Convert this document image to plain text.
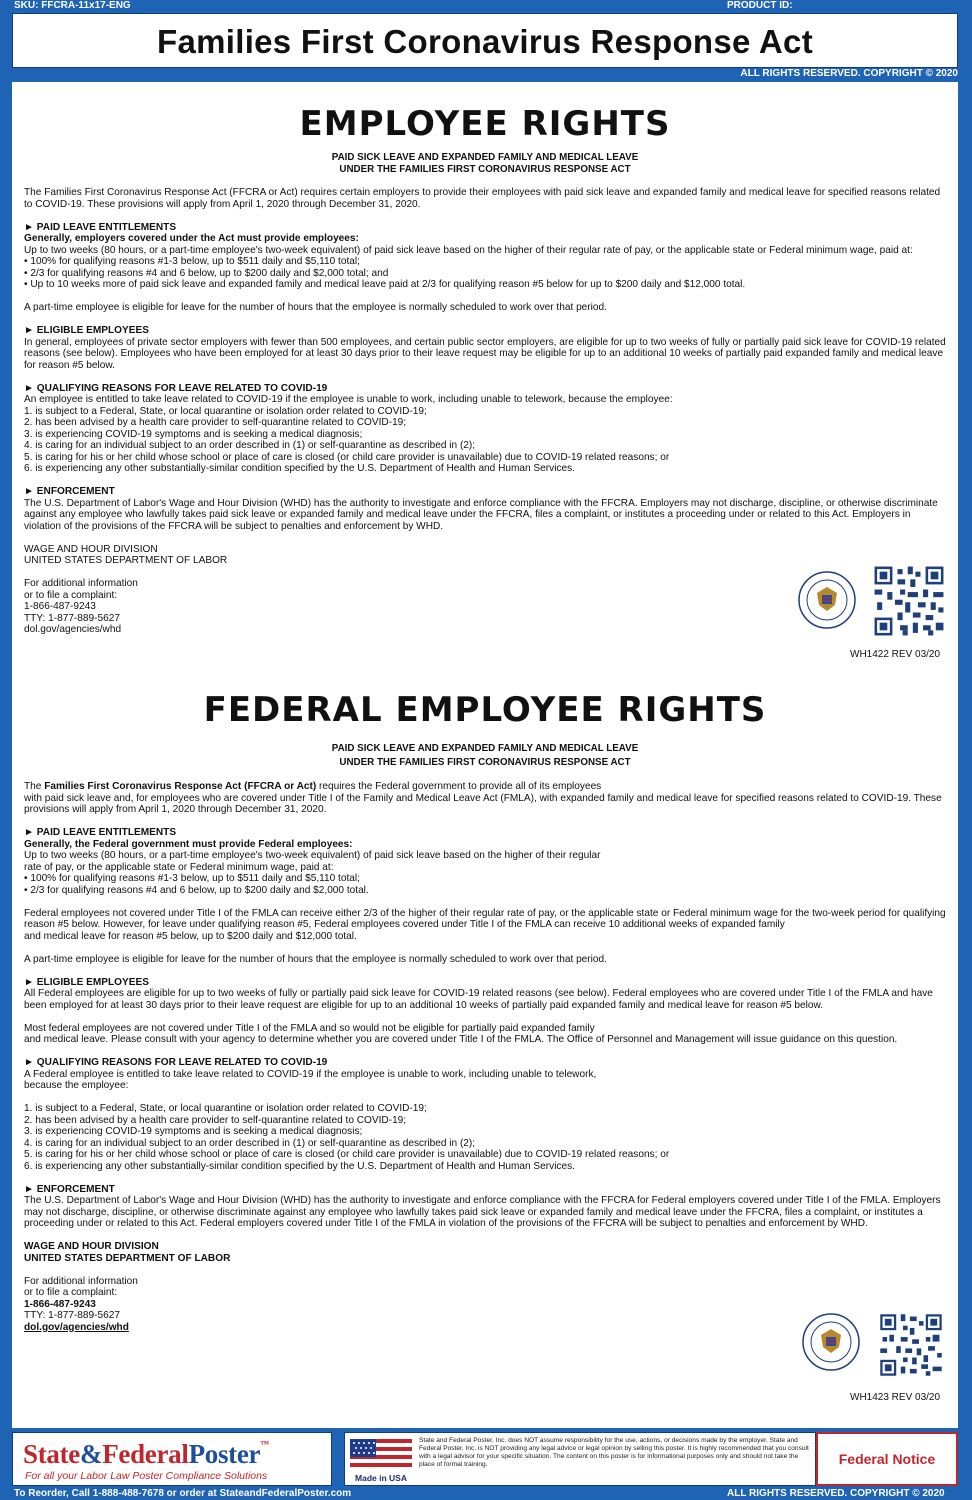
SKU: FFCRA-11x17-ENG	PRODUCT ID:
Families First Coronavirus Response Act
ALL RIGHTS RESERVED. COPYRIGHT © 2020
EMPLOYEE RIGHTS
PAID SICK LEAVE AND EXPANDED FAMILY AND MEDICAL LEAVE
UNDER THE FAMILIES FIRST CORONAVIRUS RESPONSE ACT

The Families First Coronavirus Response Act (FFCRA or Act) requires certain employers to provide their employees with paid sick leave and expanded family and medical leave for specified reasons related to COVID-19. These provisions will apply from April 1, 2020 through December 31, 2020.

► PAID LEAVE ENTITLEMENTS

Generally, employers covered under the Act must provide employees:

Up to two weeks (80 hours, or a part-time employee's two-week equivalent) of paid sick leave based on the higher of their regular rate of pay, or the applicable state or Federal minimum wage, paid at:

• 100% for qualifying reasons #1-3 below, up to $511 daily and $5,110 total;

• 2/3 for qualifying reasons #4 and 6 below, up to $200 daily and $2,000 total; and

• Up to 10 weeks more of paid sick leave and expanded family and medical leave paid at 2/3 for qualifying reason #5 below for up to $200 daily and $12,000 total.

A part-time employee is eligible for leave for the number of hours that the employee is normally scheduled to work over that period.

► ELIGIBLE EMPLOYEES

In general, employees of private sector employers with fewer than 500 employees, and certain public sector employers, are eligible for up to two weeks of fully or partially paid sick leave for COVID-19 related reasons (see below). Employees who have been employed for at least 30 days prior to their leave request may be eligible for up to an additional 10 weeks of partially paid expanded family and medical leave for reason #5 below.

► QUALIFYING REASONS FOR LEAVE RELATED TO COVID-19

An employee is entitled to take leave related to COVID-19 if the employee is unable to work, including unable to telework, because the employee:

1. is subject to a Federal, State, or local quarantine or isolation order related to COVID-19;

2. has been advised by a health care provider to self-quarantine related to COVID-19;

3. is experiencing COVID-19 symptoms and is seeking a medical diagnosis;

4. is caring for an individual subject to an order described in (1) or self-quarantine as described in (2);

5. is caring for his or her child whose school or place of care is closed (or child care provider is unavailable) due to COVID-19 related reasons; or

6. is experiencing any other substantially-similar condition specified by the U.S. Department of Health and Human Services.

► ENFORCEMENT

The U.S. Department of Labor's Wage and Hour Division (WHD) has the authority to investigate and enforce compliance with the FFCRA. Employers may not discharge, discipline, or otherwise discriminate against any employee who lawfully takes paid sick leave or expanded family and medical leave under the FFCRA, files a complaint, or institutes a proceeding under or related to this Act. Employers in violation of the provisions of the FFCRA will be subject to penalties and enforcement by WHD.

WAGE AND HOUR DIVISION

UNITED STATES DEPARTMENT OF LABOR

For additional information

or to file a complaint:

1-866-487-9243

TTY: 1-877-889-5627

dol.gov/agencies/whd

WH1422 REV 03/20
FEDERAL EMPLOYEE RIGHTS
PAID SICK LEAVE AND EXPANDED FAMILY AND MEDICAL LEAVE
UNDER THE FAMILIES FIRST CORONAVIRUS RESPONSE ACT

The Families First Coronavirus Response Act (FFCRA or Act) requires the Federal government to provide all of its employees

with paid sick leave and, for employees who are covered under Title I of the Family and Medical Leave Act (FMLA), with expanded family and medical leave for specified reasons related to COVID-19. These provisions will apply from April 1, 2020 through December 31, 2020.

► PAID LEAVE ENTITLEMENTS

Generally, the Federal government must provide Federal employees:

Up to two weeks (80 hours, or a part-time employee's two-week equivalent) of paid sick leave based on the higher of their regular

rate of pay, or the applicable state or Federal minimum wage, paid at:

• 100% for qualifying reasons #1-3 below, up to $511 daily and $5,110 total;

• 2/3 for qualifying reasons #4 and 6 below, up to $200 daily and $2,000 total.

Federal employees not covered under Title I of the FMLA can receive either 2/3 of the higher of their regular rate of pay, or the applicable state or Federal minimum wage for the two-week period for qualifying reason #5 below. However, for leave under qualifying reason #5, Federal employees covered under Title I of the FMLA can receive 10 additional weeks of expanded family

and medical leave for reason #5 below, up to $200 daily and $12,000 total.

A part-time employee is eligible for leave for the number of hours that the employee is normally scheduled to work over that period.

► ELIGIBLE EMPLOYEES

All Federal employees are eligible for up to two weeks of fully or partially paid sick leave for COVID-19 related reasons (see below). Federal employees who are covered under Title I of the FMLA and have been employed for at least 30 days prior to their leave request are eligible for up to an additional 10 weeks of partially paid expanded family and medical leave for reason #5 below.

Most federal employees are not covered under Title I of the FMLA and so would not be eligible for partially paid expanded family

and medical leave. Please consult with your agency to determine whether you are covered under Title I of the FMLA. The Office of Personnel and Management will issue guidance on this question.

► QUALIFYING REASONS FOR LEAVE RELATED TO COVID-19

A Federal employee is entitled to take leave related to COVID-19 if the employee is unable to work, including unable to telework,

because the employee:

1. is subject to a Federal, State, or local quarantine or isolation order related to COVID-19;

2. has been advised by a health care provider to self-quarantine related to COVID-19;

3. is experiencing COVID-19 symptoms and is seeking a medical diagnosis;

4. is caring for an individual subject to an order described in (1) or self-quarantine as described in (2);

5. is caring for his or her child whose school or place of care is closed (or child care provider is unavailable) due to COVID-19 related reasons; or

6. is experiencing any other substantially-similar condition specified by the U.S. Department of Health and Human Services.

► ENFORCEMENT

The U.S. Department of Labor's Wage and Hour Division (WHD) has the authority to investigate and enforce compliance with the FFCRA for Federal employers covered under Title I of the FMLA. Employers may not discharge, discipline, or otherwise discriminate against any employee who lawfully takes paid sick leave or expanded family and medical leave under the FFCRA, files a complaint, or institutes a proceeding under or related to this Act. Federal employers covered under Title I of the FMLA in violation of the provisions of the FFCRA will be subject to penalties and enforcement by WHD.

WAGE AND HOUR DIVISION

UNITED STATES DEPARTMENT OF LABOR

For additional information

or to file a complaint:

1-866-487-9243

TTY: 1-877-889-5627

dol.gov/agencies/whd

WH1423 REV 03/20
State&FederalPoster™
For all your Labor Law Poster Compliance Solutions	Made in USA
State and Federal Poster, Inc. does NOT assume responsibility for the use, actions, or decisions made by the employer. State and Federal Poster, Inc. is NOT providing any legal advice or legal opinion by selling this poster. It is highly recommended that you consult with a legal advisor for your specific situation. The content on this poster is for informational purposes only and should not take the place of formal training.	Federal Notice
To Reorder, Call 1-888-488-7678 or order at StateandFederalPoster.com	ALL RIGHTS RESERVED. COPYRIGHT © 2020
